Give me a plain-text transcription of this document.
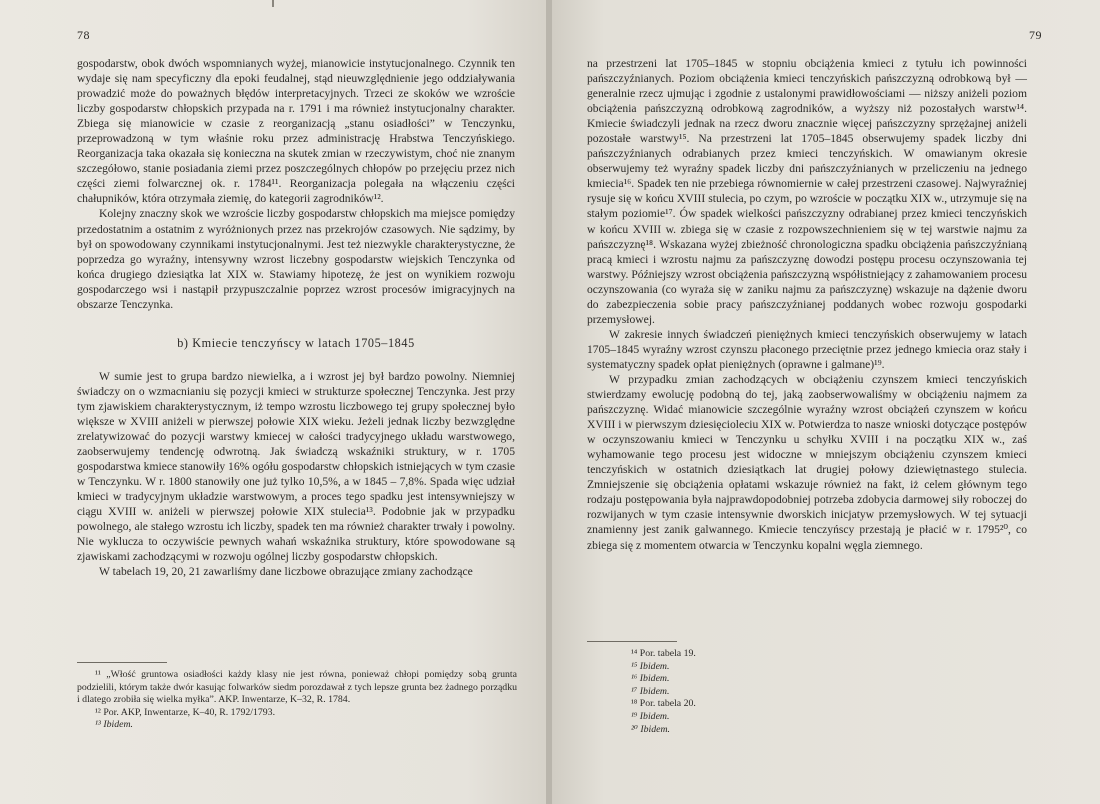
78

gospodarstw, obok dwóch wspomnianych wyżej, mianowicie instytucjonalnego. Czynnik ten wydaje się nam specyficzny dla epoki feudalnej, stąd nieuwzględnienie jego oddziaływania prowadzić może do poważnych błędów interpretacyjnych. Trzeci ze skoków we wzroście liczby gospodarstw chłopskich przypada na r. 1791 i ma również instytucjonalny charakter. Zbiega się mianowicie w czasie z reorganizacją „stanu osiadłości” w Tenczynku, przeprowadzoną w tym właśnie roku przez administrację Hrabstwa Tenczyńskiego. Reorganizacja taka okazała się konieczna na skutek zmian w rzeczywistym, choć nie znanym szczegółowo, stanie posiadania ziemi przez poszczególnych chłopów po przejęciu przez nich części ziemi folwarcznej ok. r. 1784¹¹. Reorganizacja polegała na włączeniu części chałupników, która otrzymała ziemię, do kategorii zagrodników¹².

Kolejny znaczny skok we wzroście liczby gospodarstw chłopskich ma miejsce pomiędzy przedostatnim a ostatnim z wyróżnionych przez nas przekrojów czasowych. Nie sądzimy, by był on spowodowany czynnikami instytucjonalnymi. Jest też niezwykle charakterystyczne, że poprzedza go wyraźny, intensywny wzrost liczebny gospodarstw wiejskich Tenczynka od końca drugiego dziesiątka lat XIX w. Stawiamy hipotezę, że jest on wynikiem rozwoju gospodarczego wsi i nastąpił przypuszczalnie poprzez wzrost procesów imigracyjnych na obszarze Tenczynka.

b) Kmiecie tenczyńscy w latach 1705–1845

W sumie jest to grupa bardzo niewielka, a i wzrost jej był bardzo powolny. Niemniej świadczy on o wzmacnianiu się pozycji kmieci w strukturze społecznej Tenczynka. Jest przy tym zjawiskiem charakterystycznym, iż tempo wzrostu liczbowego tej grupy społecznej było większe w XVIII aniżeli w pierwszej połowie XIX wieku. Jeżeli jednak liczby bezwzględne zrelatywizować do pozycji warstwy kmiecej w całości tradycyjnego układu warstwowego, zaobserwujemy tendencję odwrotną. Jak świadczą wskaźniki struktury, w r. 1705 gospodarstwa kmiece stanowiły 16% ogółu gospodarstw chłopskich istniejących w tym czasie w Tenczynku. W r. 1800 stanowiły one już tylko 10,5%, a w 1845 – 7,8%. Spada więc udział kmieci w tradycyjnym układzie warstwowym, a proces tego spadku jest intensywniejszy w ciągu XVIII w. aniżeli w pierwszej połowie XIX stulecia¹³. Podobnie jak w przypadku powolnego, ale stałego wzrostu ich liczby, spadek ten ma również charakter trwały i powolny. Nie wyklucza to oczywiście pewnych wahań wskaźnika struktury, które spowodowane są zjawiskami zachodzącymi w rozwoju ogólnej liczby gospodarstw chłopskich.

W tabelach 19, 20, 21 zawarliśmy dane liczbowe obrazujące zmiany zachodzące

¹¹ „Włość gruntowa osiadłości każdy klasy nie jest równa, ponieważ chłopi pomiędzy sobą grunta podzielili, którym także dwór kasując folwarków siedm porozdawał z tych lepsze grunta bez żadnego porządku i dlatego zrobiła się wielka myłka”. AKP. Inwentarze, K–32, R. 1784.
¹² Por. AKP, Inwentarze, K–40, R. 1792/1793.
¹³ Ibidem.
79

na przestrzeni lat 1705–1845 w stopniu obciążenia kmieci z tytułu ich powinności pańszczyźnianych. Poziom obciążenia kmieci tenczyńskich pańszczyzną odrobkową był — generalnie rzecz ujmując i zgodnie z ustalonymi prawidłowościami — niższy aniżeli poziom obciążenia pańszczyzną odrobkową zagrodników, a wyższy niż pozostałych warstw¹⁴. Kmiecie świadczyli jednak na rzecz dworu znacznie więcej pańszczyzny sprzężajnej aniżeli pozostałe warstwy¹⁵. Na przestrzeni lat 1705–1845 obserwujemy spadek liczby dni pańszczyźnianych odrabianych przez kmieci tenczyńskich. W omawianym okresie obserwujemy też wyraźny spadek liczby dni pańszczyźnianych w przeliczeniu na jednego kmiecia¹⁶. Spadek ten nie przebiega równomiernie w całej przestrzeni czasowej. Najwyraźniej rysuje się w końcu XVIII stulecia, po czym, po wzroście w początku XIX w., utrzymuje się na stałym poziomie¹⁷. Ów spadek wielkości pańszczyzny odrabianej przez kmieci tenczyńskich w końcu XVIII w. zbiega się w czasie z rozpowszechnieniem się w tej warstwie najmu za pańszczyznę¹⁸. Wskazana wyżej zbieżność chronologiczna spadku obciążenia pańszczyźnianą pracą kmieci i wzrostu najmu za pańszczyznę dowodzi postępu procesu oczynszowania tej warstwy. Późniejszy wzrost obciążenia pańszczyzną współistniejący z zahamowaniem procesu oczynszowania (co wyraża się w zaniku najmu za pańszczyznę) wskazuje na dążenie dworu do zabezpieczenia sobie pracy pańszczyźnianej poddanych wobec rozwoju gospodarki przemysłowej.

W zakresie innych świadczeń pieniężnych kmieci tenczyńskich obserwujemy w latach 1705–1845 wyraźny wzrost czynszu płaconego przeciętnie przez jednego kmiecia oraz stały i systematyczny spadek opłat pieniężnych (oprawne i galmane)¹⁹.

W przypadku zmian zachodzących w obciążeniu czynszem kmieci tenczyńskich stwierdzamy ewolucję podobną do tej, jaką zaobserwowaliśmy w obciążeniu najmem za pańszczyznę. Widać mianowicie szczególnie wyraźny wzrost obciążeń czynszem w końcu XVIII i w pierwszym dziesięcioleciu XIX w. Potwierdza to nasze wnioski dotyczące postępów w oczynszowaniu kmieci w Tenczynku u schyłku XVIII i na początku XIX w., zaś wyhamowanie tego procesu jest widoczne w mniejszym obciążeniu czynszem kmieci tenczyńskich w ostatnich dziesiątkach lat drugiej połowy dziewiętnastego stulecia. Zmniejszenie się obciążenia opłatami wskazuje również na fakt, iż celem głównym tego rodzaju postępowania była najprawdopodobniej potrzeba zdobycia darmowej siły roboczej do rozwijanych w tym czasie intensywnie dworskich inicjatyw przemysłowych. W tej sytuacji znamienny jest zanik galwannego. Kmiecie tenczyńscy przestają je płacić w r. 1795²⁰, co zbiega się z momentem otwarcia w Tenczynku kopalni węgla ziemnego.

¹⁴ Por. tabela 19.
¹⁵ Ibidem.
¹⁶ Ibidem.
¹⁷ Ibidem.
¹⁸ Por. tabela 20.
¹⁹ Ibidem.
²⁰ Ibidem.
